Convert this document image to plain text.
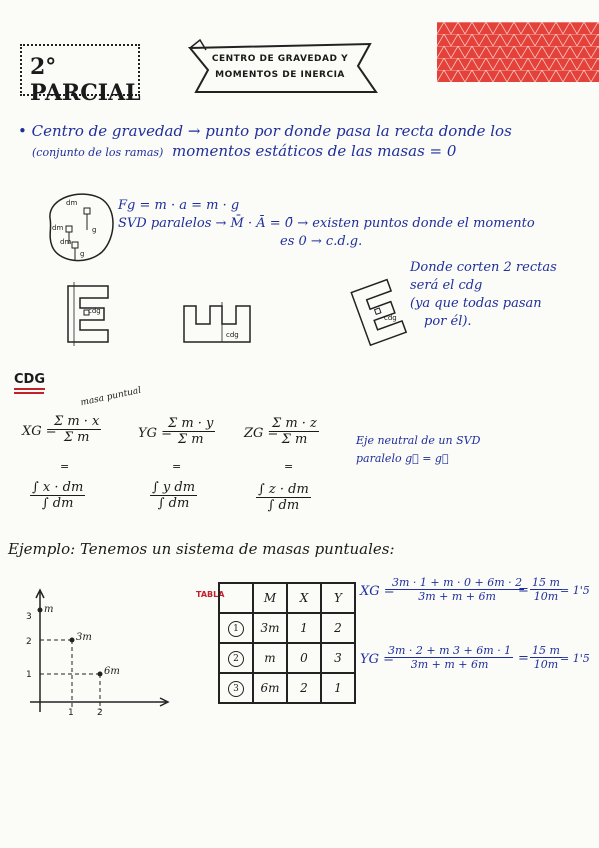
2° PARCIAL
CENTRO DE GRAVEDAD Y
MOMENTOS DE INERCIA
• Centro de gravedad → punto por donde pasa la recta donde los
(conjunto de los ramas) momentos estáticos de las masas = 0
dm
dm	g
dm
g
Fg = m · a = m · g
SVD paralelos → M̄ · Ā = 0̄ → existen puntos donde el momento
es 0 → c.d.g.
cdg
cdg
cdg
Donde corten 2 rectas
será el cdg
(ya que todas pasan
por él).
CDG
masa puntual
XG =
$\frac{\text{Σ m · x}}{\text{Σ m}}$	YG =
$\frac{\text{Σ m · y}}{\text{Σ m}}$ ZG =
$\frac{\text{Σ m · z}}{\text{Σ m}}$
=	=	=
$\frac{\int x \cdot dm}{\int dm}$	$\frac{\text{∫ y dm}}{\int dm}$	$\frac{\int z \cdot dm}{\int dm}$
Eje neutral de un SVD
paralelo g⃗ = g⃗
Ejemplo: Tenemos un sistema de masas puntuales:
3
2
1
1	2
m
3m
6m
TABLA
		M	X	Y
1	3m	1	2
2	m	0	3
3	6m	2	1
XG =
$\frac{3m \cdot 1 + m \cdot 0 + 6m \cdot 2}{3m + m + 6m}$
= $\frac{15 m}{10m}$
= 1'5
YG =
$\frac{3m \cdot 2 + m 3 + 6m \cdot 1}{3m + m + 6m} = \frac{15 m}{10m}$
= 1'5
